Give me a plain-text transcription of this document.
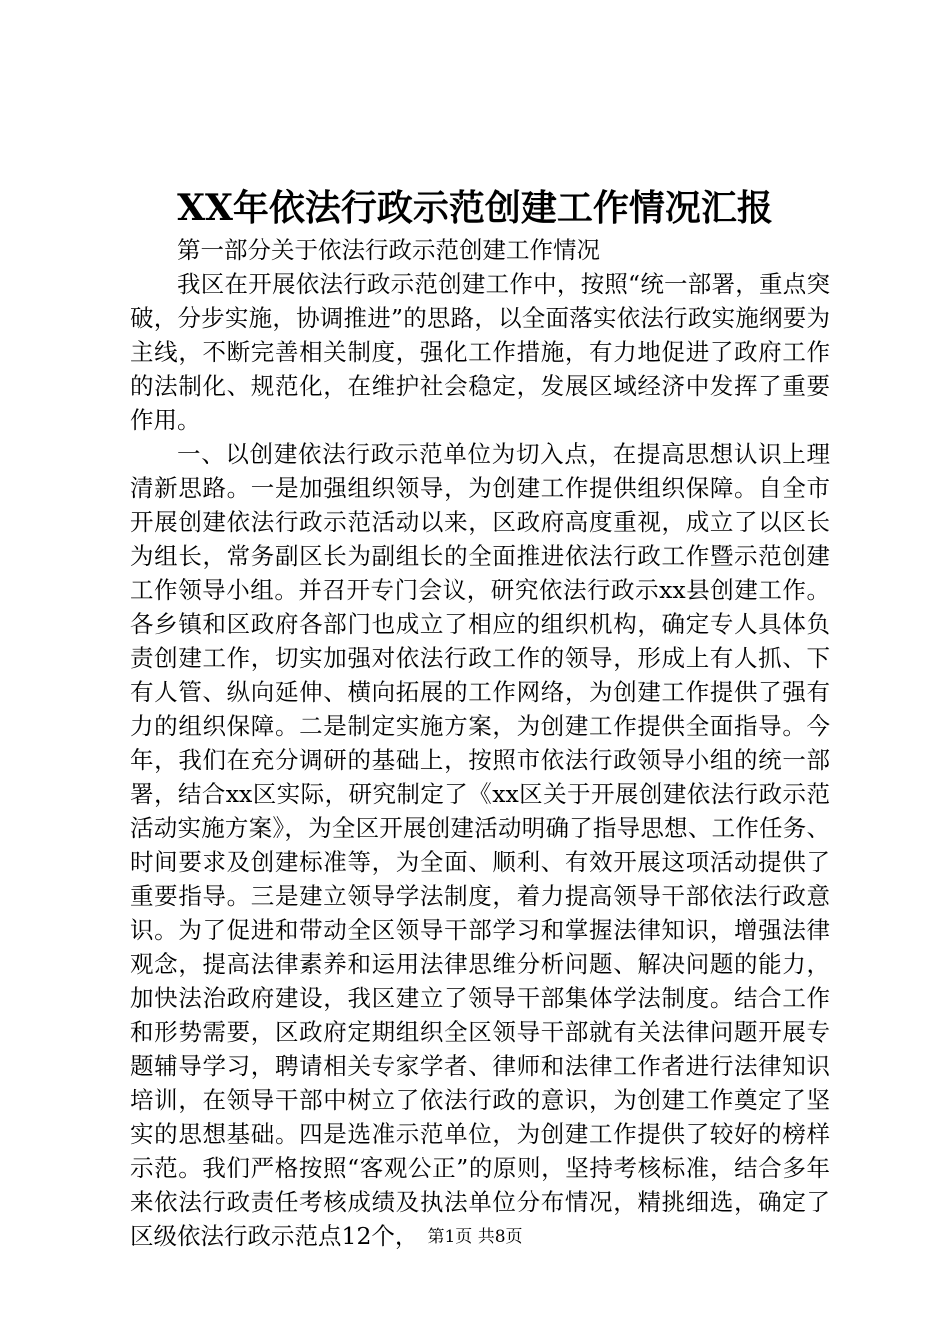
XX年依法行政示范创建工作情况汇报

第一部分关于依法行政示范创建工作情况

我区在开展依法行政示范创建工作中，按照“统一部署，重点突破，分步实施，协调推进”的思路，以全面落实依法行政实施纲要为主线，不断完善相关制度，强化工作措施，有力地促进了政府工作的法制化、规范化，在维护社会稳定，发展区域经济中发挥了重要作用。

一、以创建依法行政示范单位为切入点，在提高思想认识上理清新思路。一是加强组织领导，为创建工作提供组织保障。自全市开展创建依法行政示范活动以来，区政府高度重视，成立了以区长为组长，常务副区长为副组长的全面推进依法行政工作暨示范创建工作领导小组。并召开专门会议，研究依法行政示xx县创建工作。各乡镇和区政府各部门也成立了相应的组织机构，确定专人具体负责创建工作，切实加强对依法行政工作的领导，形成上有人抓、下有人管、纵向延伸、横向拓展的工作网络，为创建工作提供了强有力的组织保障。二是制定实施方案，为创建工作提供全面指导。今年，我们在充分调研的基础上，按照市依法行政领导小组的统一部署，结合xx区实际，研究制定了《xx区关于开展创建依法行政示范活动实施方案》，为全区开展创建活动明确了指导思想、工作任务、时间要求及创建标准等，为全面、顺利、有效开展这项活动提供了重要指导。三是建立领导学法制度，着力提高领导干部依法行政意识。为了促进和带动全区领导干部学习和掌握法律知识，增强法律观念，提高法律素养和运用法律思维分析问题、解决问题的能力，加快法治政府建设，我区建立了领导干部集体学法制度。结合工作和形势需要，区政府定期组织全区领导干部就有关法律问题开展专题辅导学习，聘请相关专家学者、律师和法律工作者进行法律知识培训，在领导干部中树立了依法行政的意识，为创建工作奠定了坚实的思想基础。四是选准示范单位，为创建工作提供了较好的榜样示范。我们严格按照“客观公正”的原则，坚持考核标准，结合多年来依法行政责任考核成绩及执法单位分布情况，精挑细选，确定了区级依法行政示范点12个， 第1页 共8页
